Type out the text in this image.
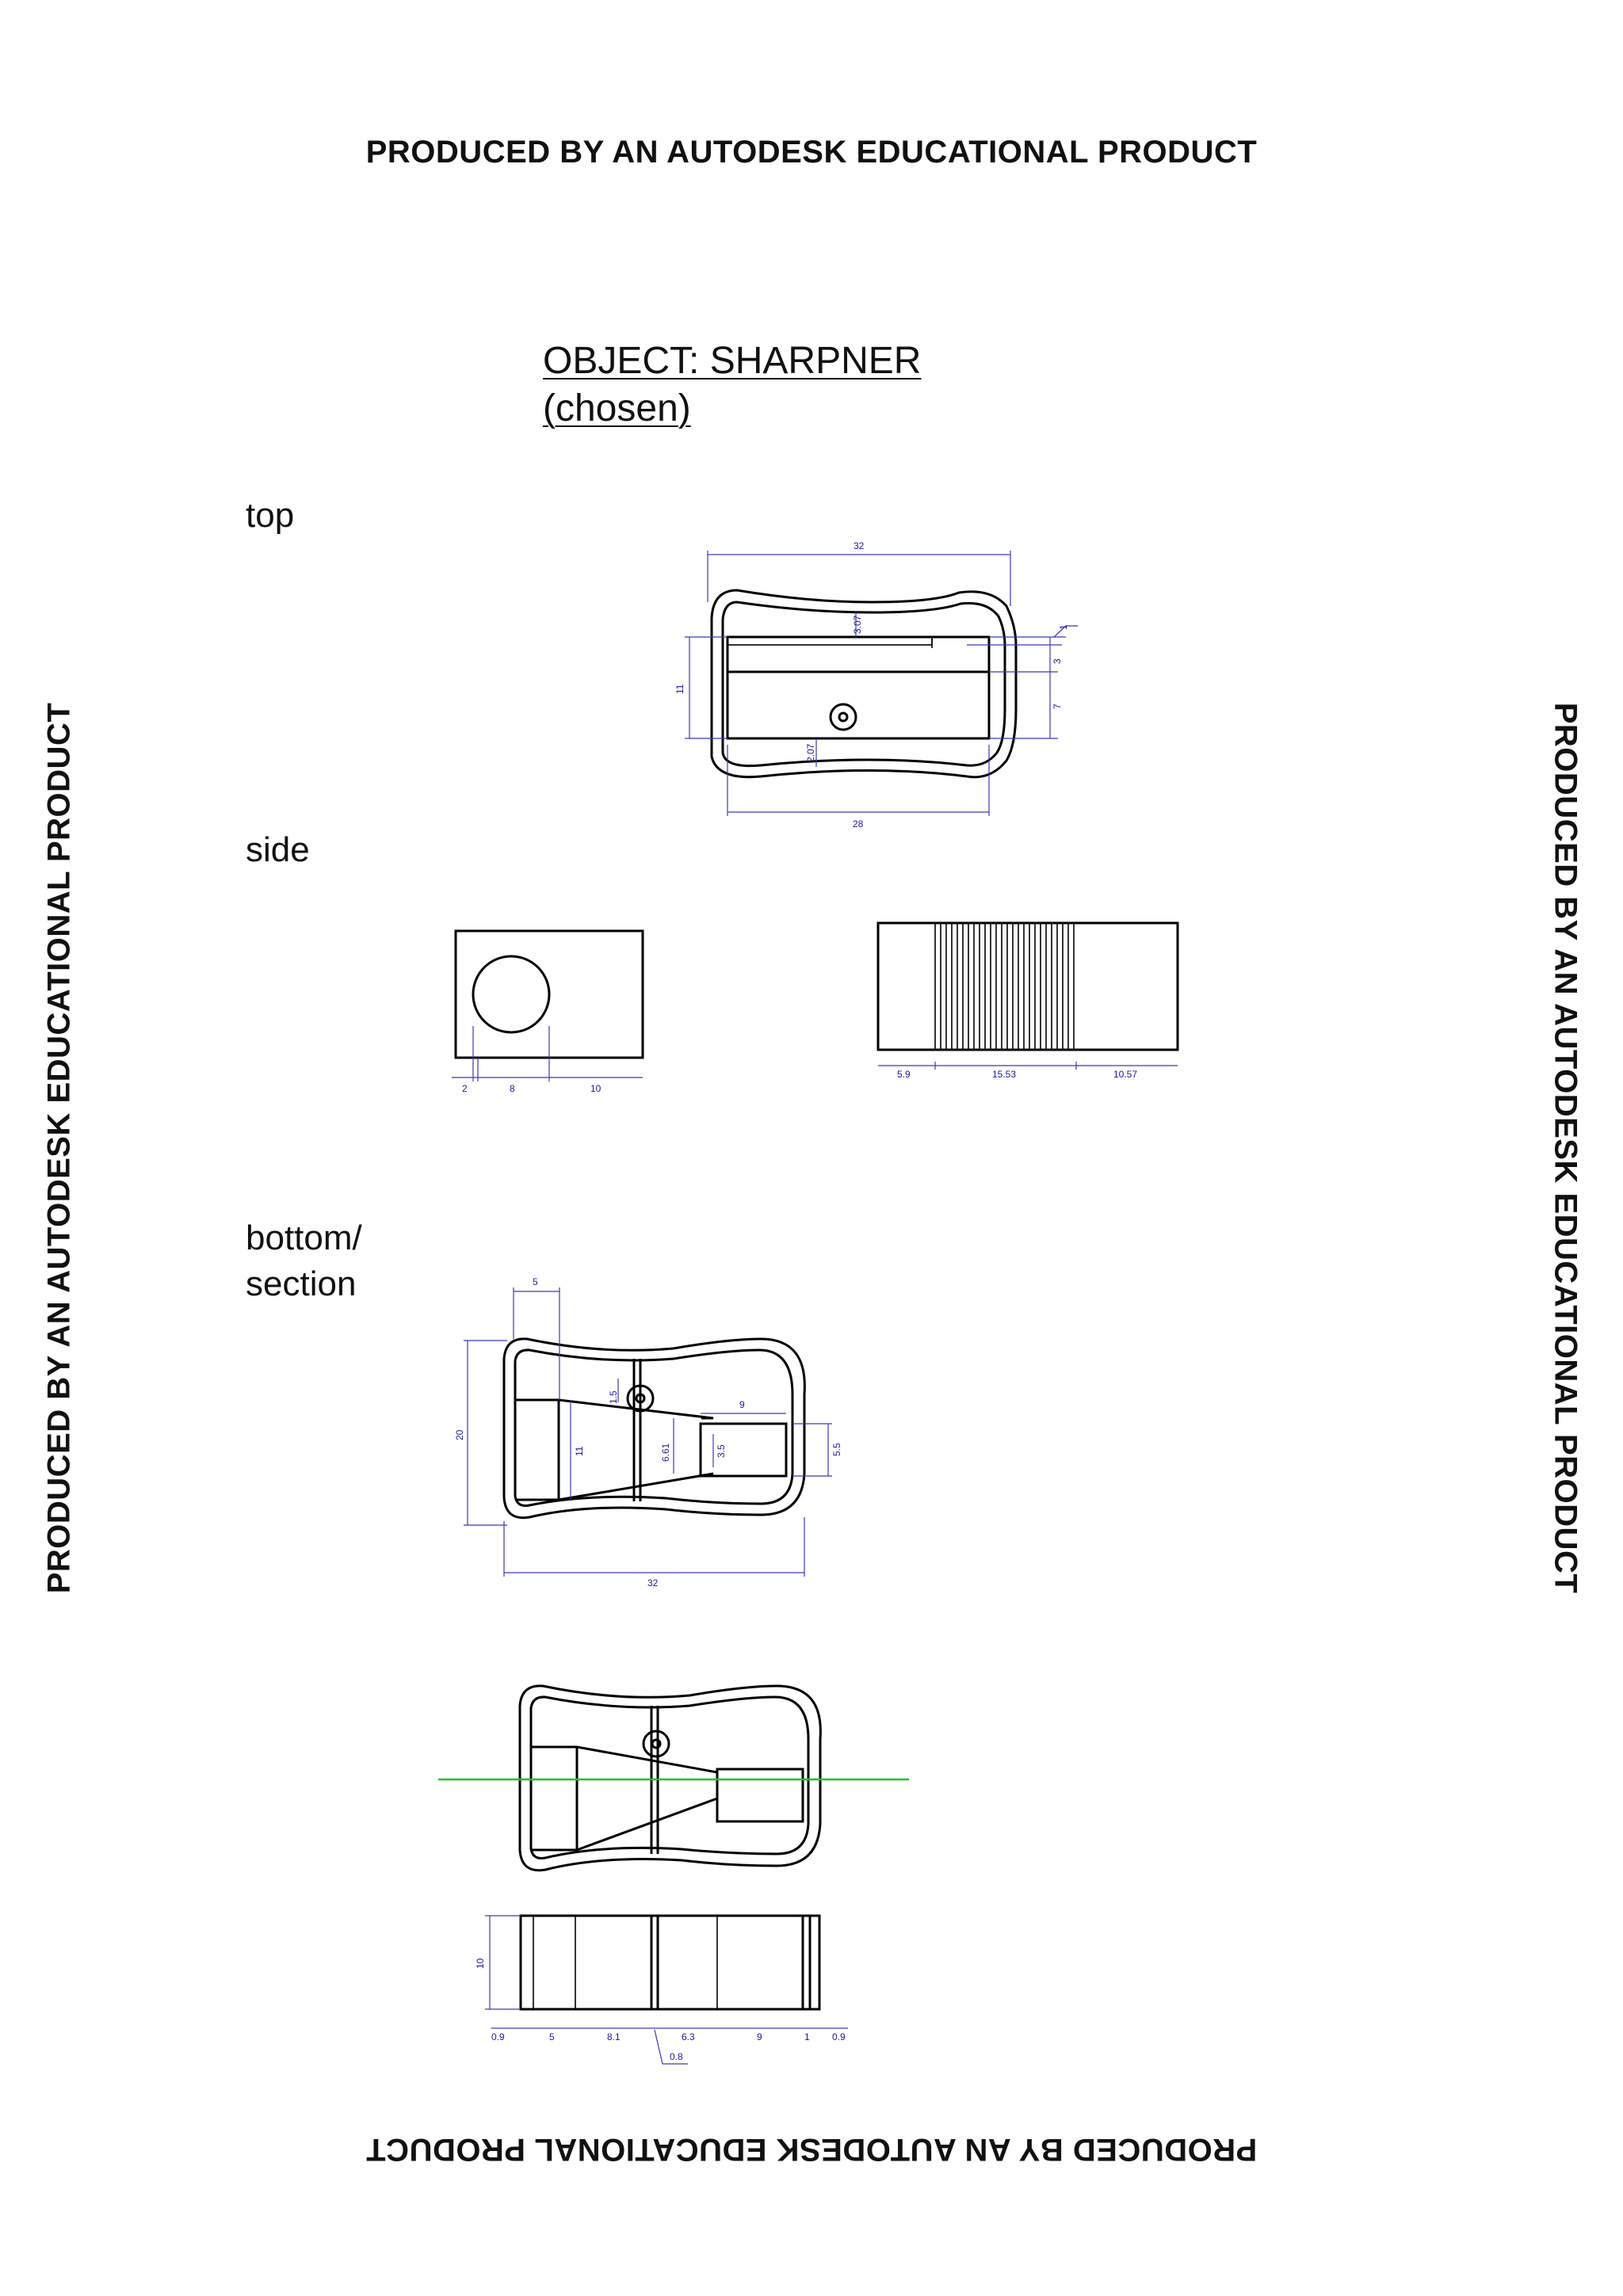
PRODUCED BY AN AUTODESK EDUCATIONAL PRODUCT
PRODUCED BY AN AUTODESK EDUCATIONAL PRODUCT
PRODUCED BY AN AUTODESK EDUCATIONAL PRODUCT	PRODUCED BY AN AUTODESK EDUCATIONAL PRODUCT
OBJECT: SHARPNER
(chosen)
top
side
bottom/
section
32
3.07	1
3
7
11
2.07
28
2	8	10
5.9	15.53	10.57
5
1.5
9
20
11	6.61	3.5	5.5
32
10
0.9	5	8.1	6.3	9	1 0.9
0.8
